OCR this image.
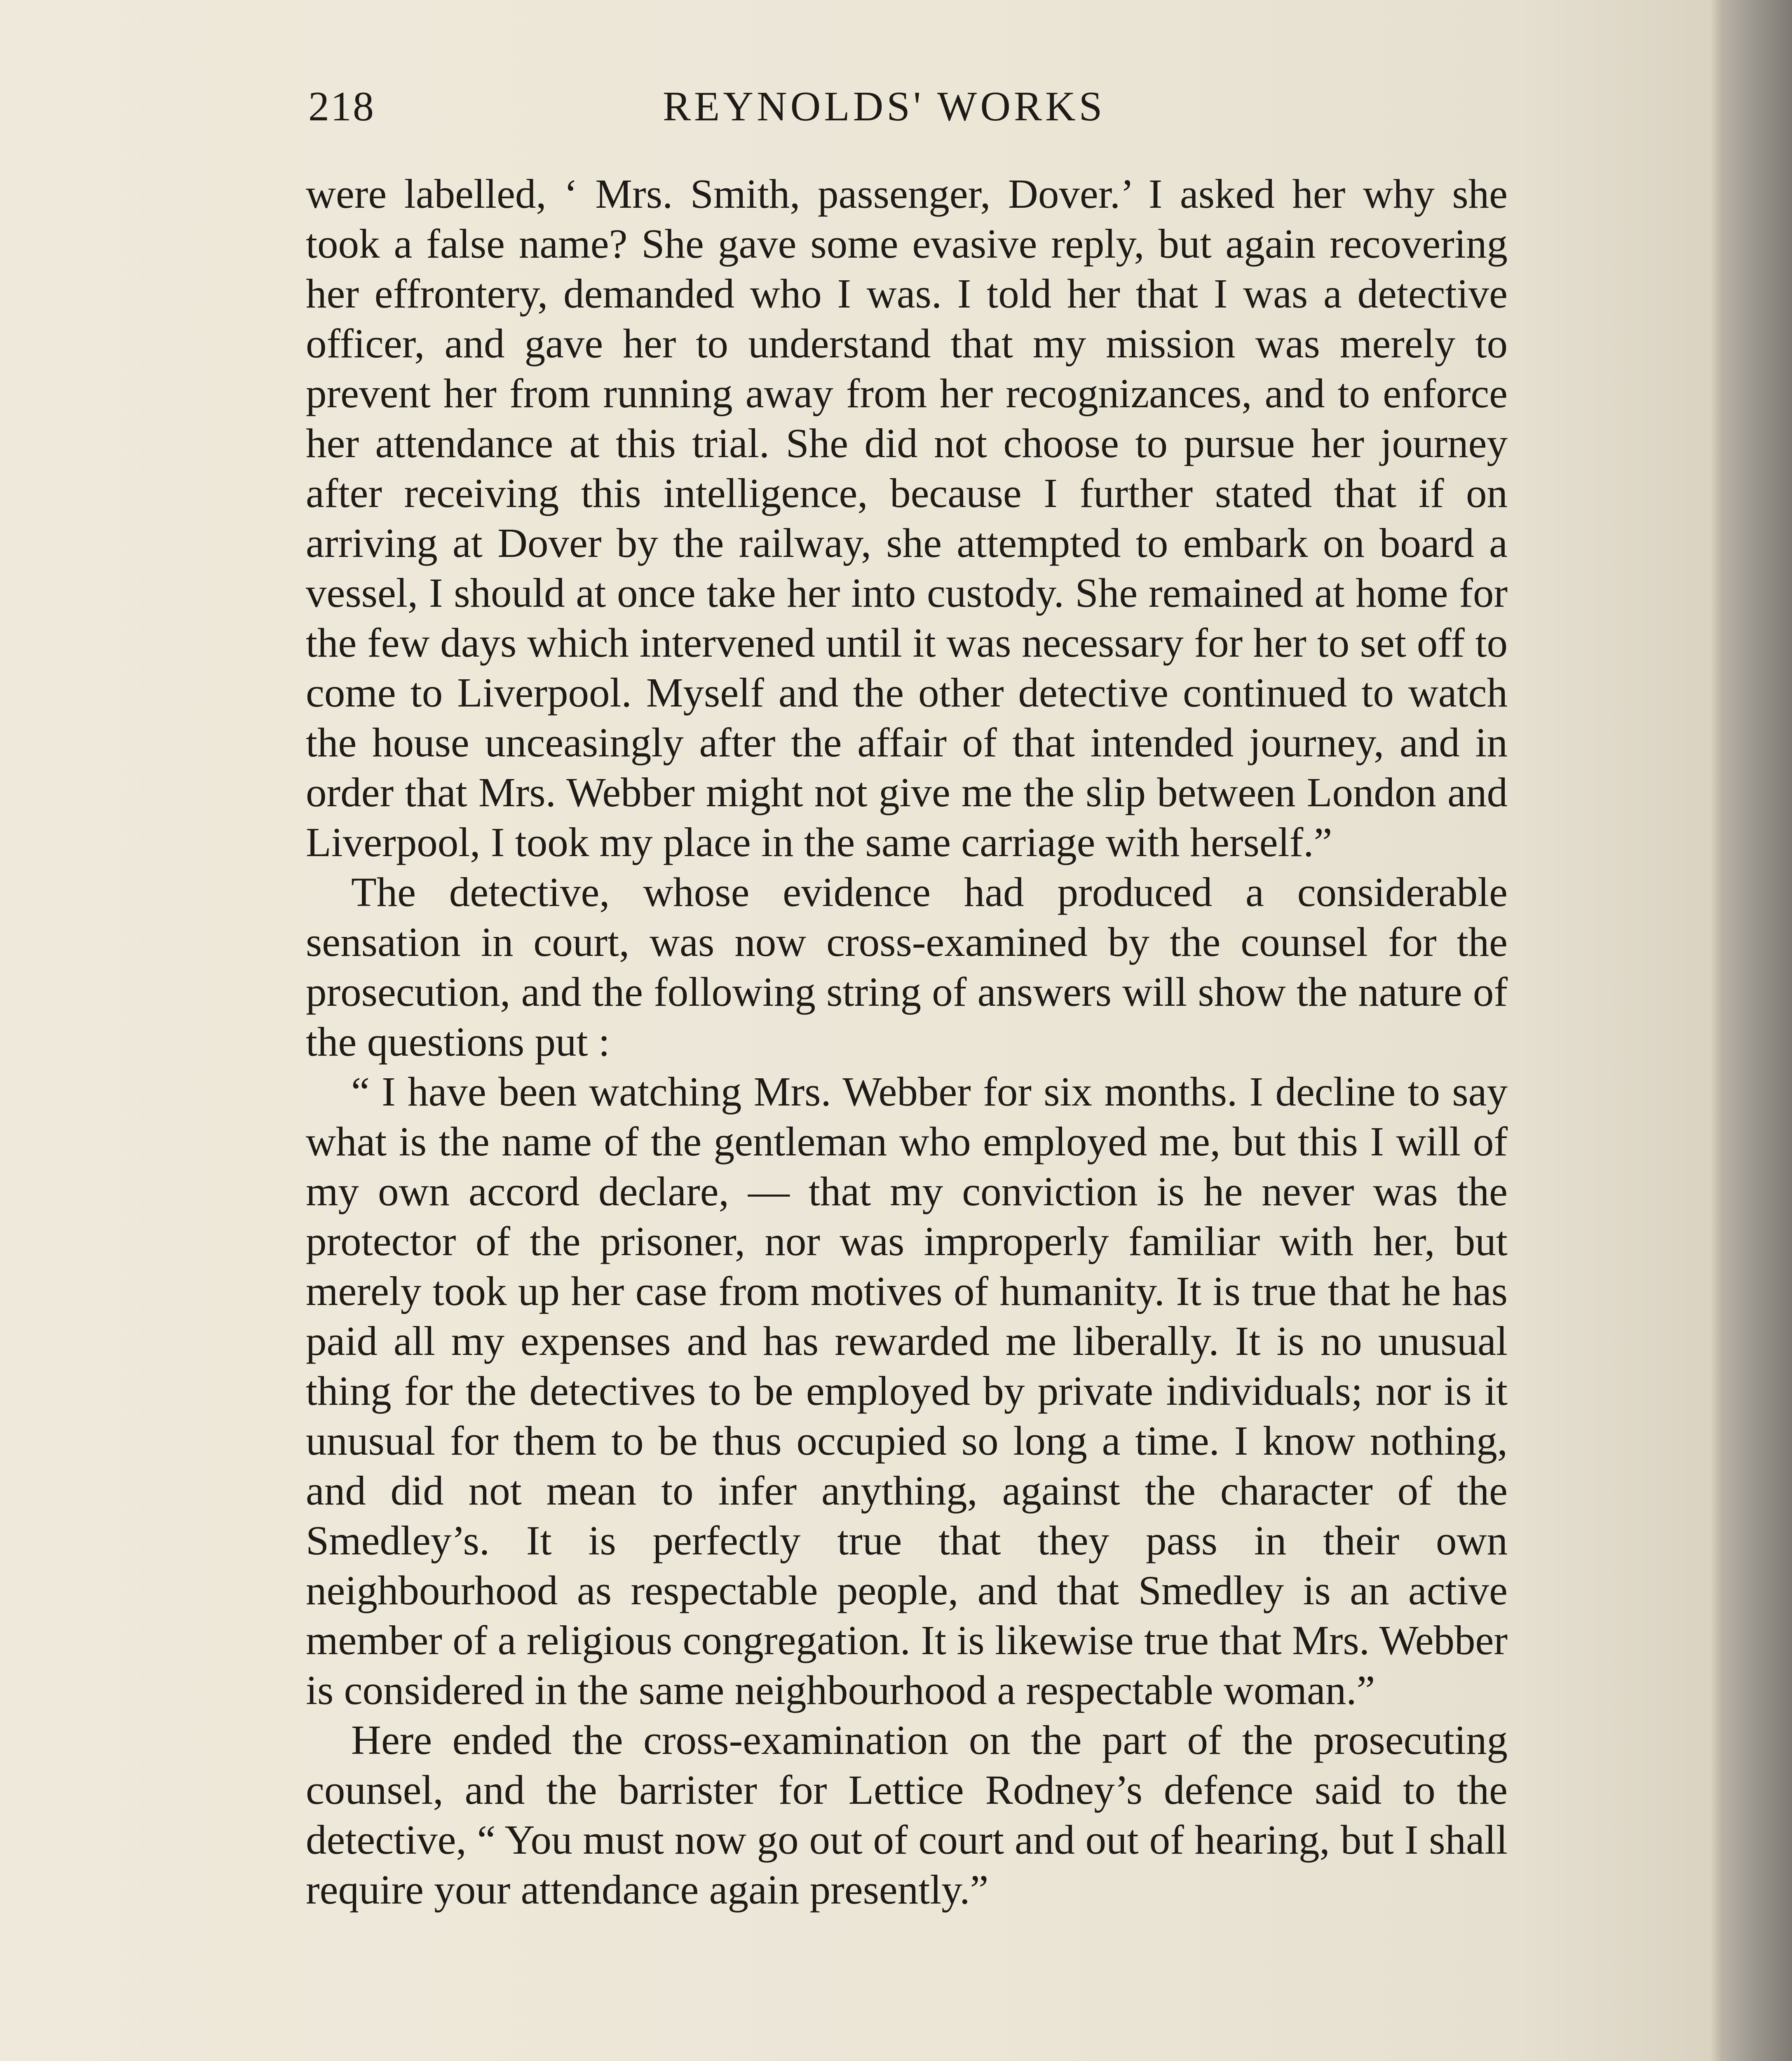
218	REYNOLDS' WORKS

were labelled, ‘ Mrs. Smith, passenger, Dover.’ I asked her why she took a false name? She gave some evasive reply, but again recovering her effrontery, demanded who I was. I told her that I was a detective officer, and gave her to understand that my mission was merely to prevent her from running away from her recognizances, and to enforce her attendance at this trial. She did not choose to pursue her journey after receiving this intelligence, because I further stated that if on arriving at Dover by the railway, she attempted to embark on board a vessel, I should at once take her into custody. She remained at home for the few days which intervened until it was necessary for her to set off to come to Liverpool. Myself and the other detective continued to watch the house unceasingly after the affair of that intended journey, and in order that Mrs. Webber might not give me the slip between London and Liverpool, I took my place in the same carriage with herself.”

The detective, whose evidence had produced a considerable sensation in court, was now cross-examined by the counsel for the prosecution, and the following string of answers will show the nature of the questions put :

“ I have been watching Mrs. Webber for six months. I decline to say what is the name of the gentleman who employed me, but this I will of my own accord declare, — that my conviction is he never was the protector of the prisoner, nor was improperly familiar with her, but merely took up her case from motives of humanity. It is true that he has paid all my expenses and has rewarded me liberally. It is no unusual thing for the detectives to be employed by private individuals; nor is it unusual for them to be thus occupied so long a time. I know nothing, and did not mean to infer anything, against the character of the Smedley’s. It is perfectly true that they pass in their own neighbourhood as respectable people, and that Smedley is an active member of a religious congregation. It is likewise true that Mrs. Webber is considered in the same neighbourhood a respectable woman.”

Here ended the cross-examination on the part of the prosecuting counsel, and the barrister for Lettice Rodney’s defence said to the detective, “ You must now go out of court and out of hearing, but I shall require your attendance again presently.”
